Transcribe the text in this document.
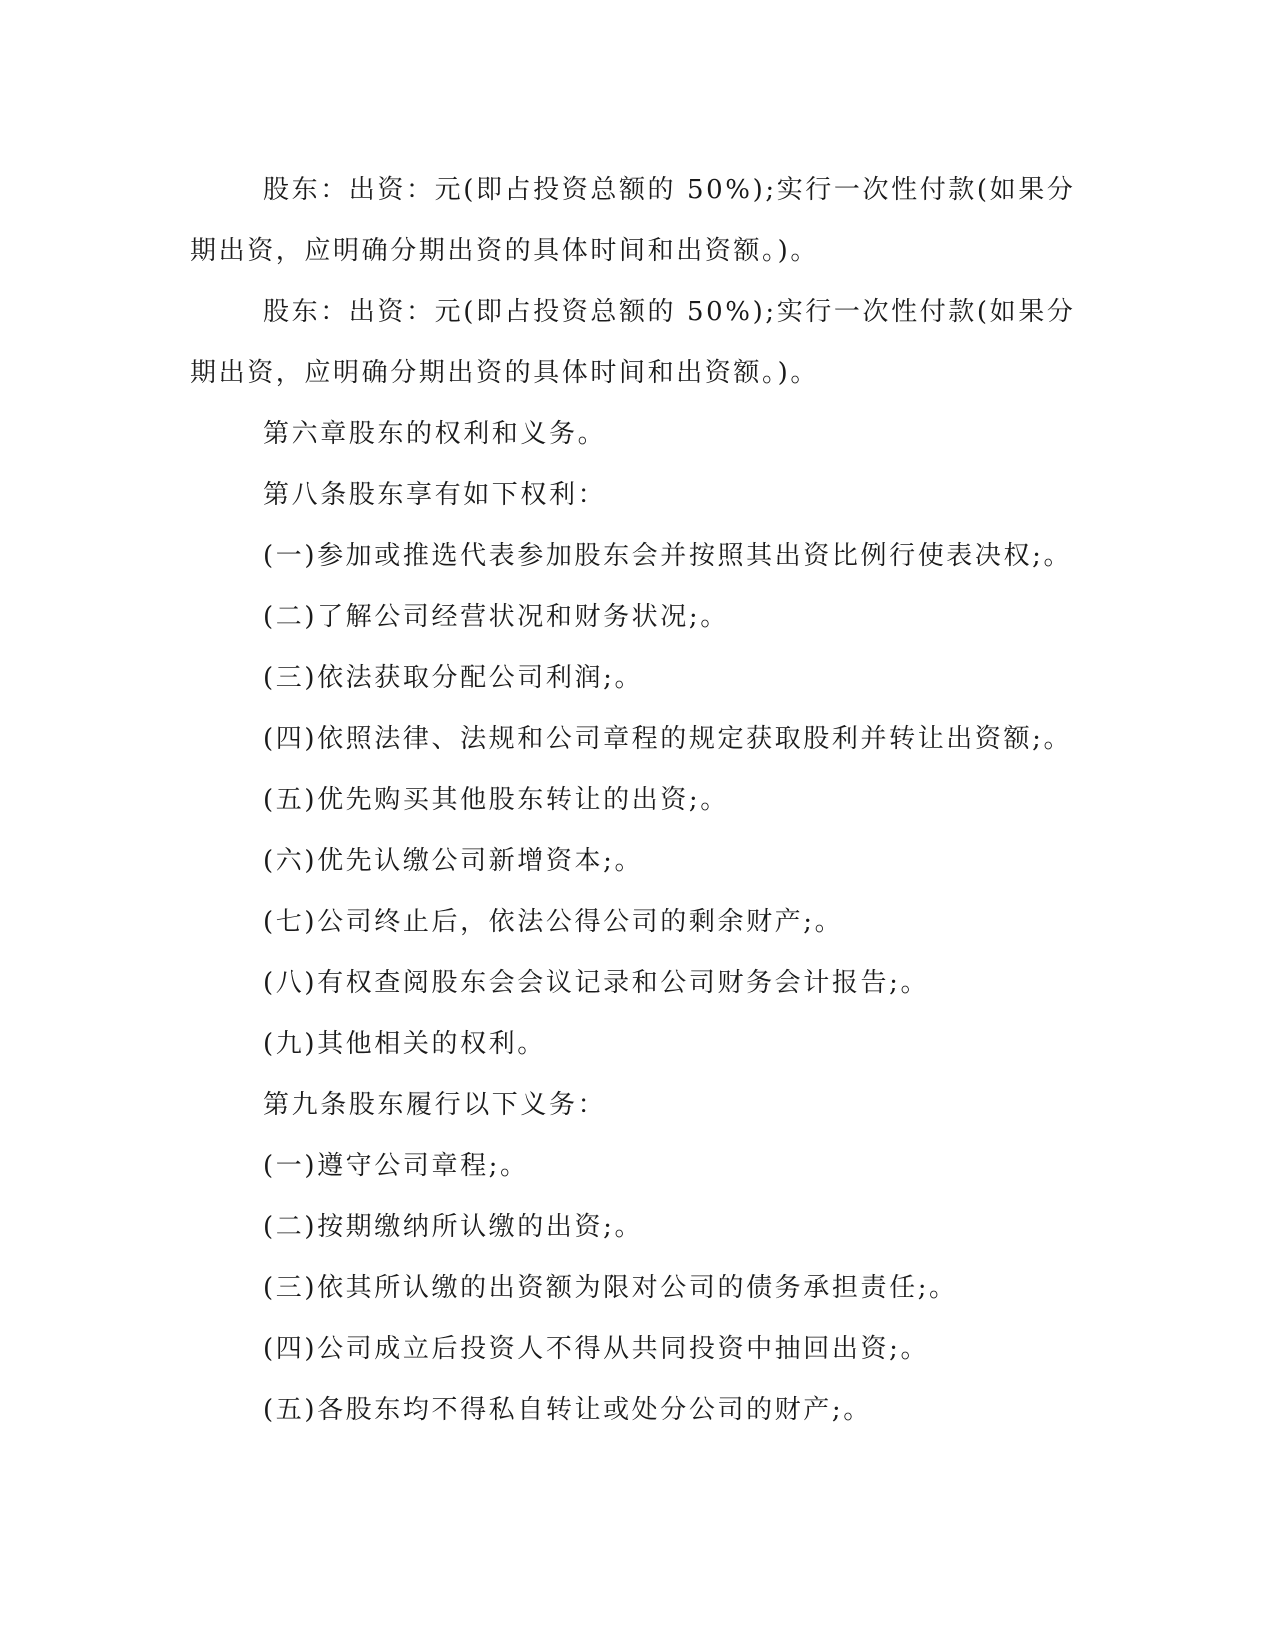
股东：出资：元(即占投资总额的 50%);实行一次性付款(如果分
期出资，应明确分期出资的具体时间和出资额。)。

股东：出资：元(即占投资总额的 50%);实行一次性付款(如果分
期出资，应明确分期出资的具体时间和出资额。)。

第六章股东的权利和义务。

第八条股东享有如下权利：

(一)参加或推选代表参加股东会并按照其出资比例行使表决权;。

(二)了解公司经营状况和财务状况;。

(三)依法获取分配公司利润;。

(四)依照法律、法规和公司章程的规定获取股利并转让出资额;。

(五)优先购买其他股东转让的出资;。

(六)优先认缴公司新增资本;。

(七)公司终止后，依法公得公司的剩余财产;。

(八)有权查阅股东会会议记录和公司财务会计报告;。

(九)其他相关的权利。

第九条股东履行以下义务：

(一)遵守公司章程;。

(二)按期缴纳所认缴的出资;。

(三)依其所认缴的出资额为限对公司的债务承担责任;。

(四)公司成立后投资人不得从共同投资中抽回出资;。

(五)各股东均不得私自转让或处分公司的财产;。
